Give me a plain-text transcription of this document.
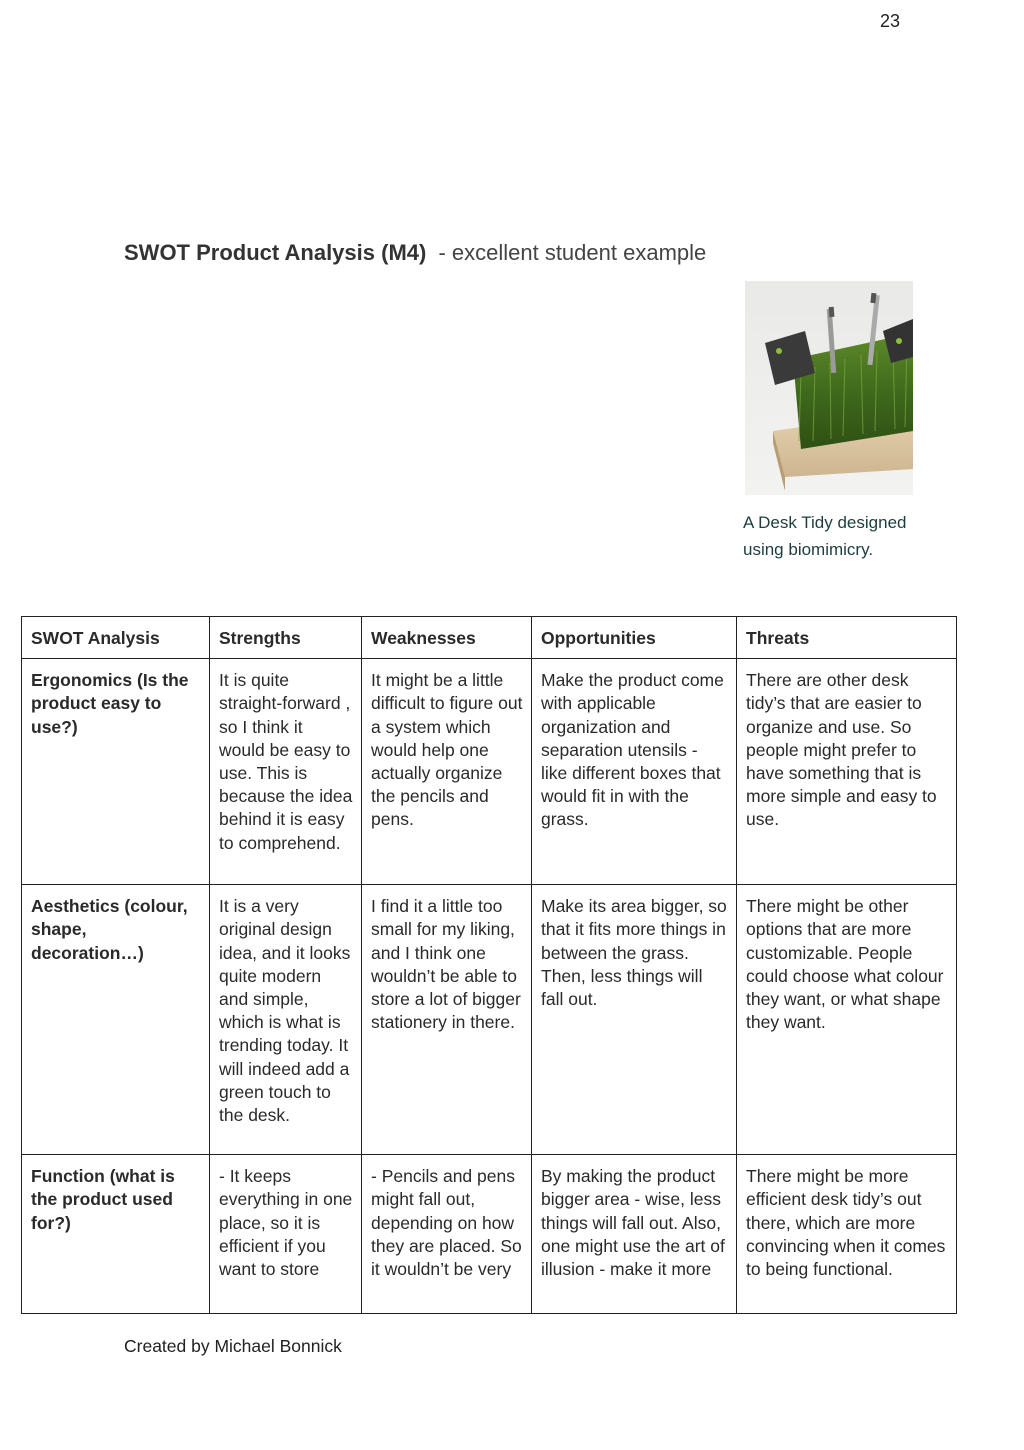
23
SWOT Product Analysis (M4) - excellent student example
A Desk Tidy designed using biomimicry.
SWOT Analysis	Strengths	Weaknesses	Opportunities	Threats
Ergonomics (Is the product easy to use?)	It is quite straight-forward , so I think it would be easy to use. This is because the idea behind it is easy to comprehend.	It might be a little difficult to figure out a system which would help one actually organize the pencils and pens.	Make the product come with applicable organization and separation utensils - like different boxes that would fit in with the grass.	There are other desk tidy’s that are easier to organize and use. So people might prefer to have something that is more simple and easy to use.
Aesthetics (colour, shape, decoration…)	It is a very original design idea, and it looks quite modern and simple, which is what is trending today. It will indeed add a green touch to the desk.	I find it a little too small for my liking, and I think one wouldn’t be able to store a lot of bigger stationery in there.	Make its area bigger, so that it fits more things in between the grass. Then, less things will fall out.	There might be other options that are more customizable. People could choose what colour they want, or what shape they want.
Function (what is the product used for?)	- It keeps everything in one place, so it is efficient if you want to store	- Pencils and pens might fall out, depending on how they are placed. So it wouldn’t be very	By making the product bigger area - wise, less things will fall out. Also, one might use the art of illusion - make it more	There might be more efficient desk tidy’s out there, which are more convincing when it comes to being functional.
Created by Michael Bonnick
